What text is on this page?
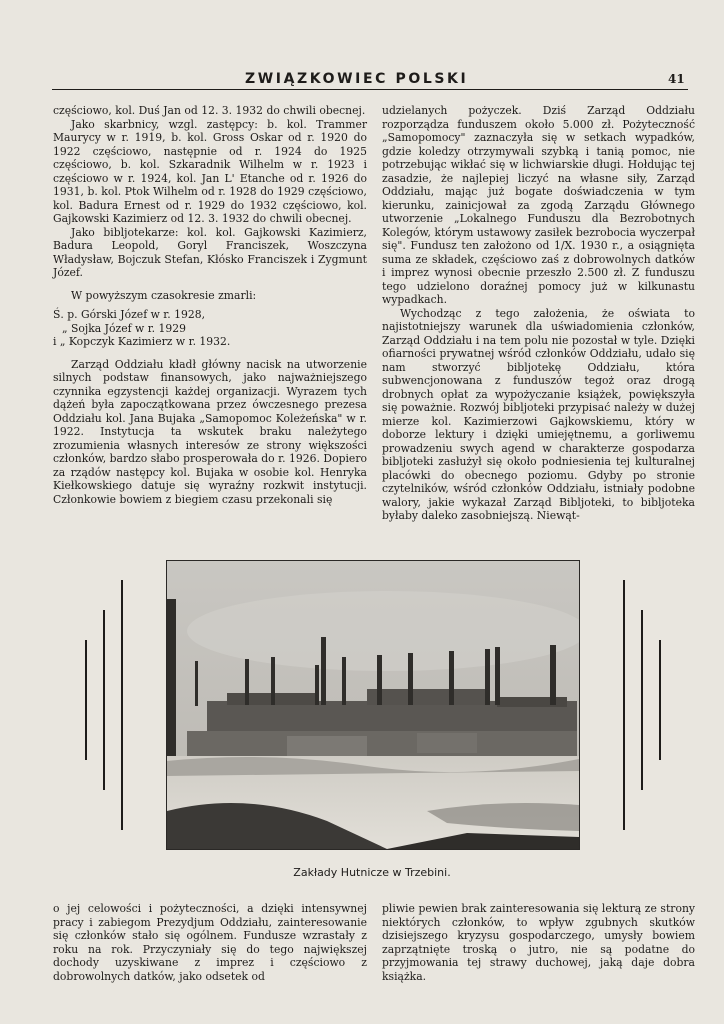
ZWIĄZKOWIEC POLSKI	41

częściowo, kol. Duś Jan od 12. 3. 1932 do chwili obecnej.

Jako skarbnicy, wzgl. zastępcy: b. kol. Trammer Maurycy w r. 1919, b. kol. Gross Oskar od r. 1920 do 1922 częściowo, następnie od r. 1924 do 1925 częściowo, b. kol. Szkaradnik Wilhelm w r. 1923 i częściowo w r. 1924, kol. Jan L' Etanche od r. 1926 do 1931, b. kol. Ptok Wilhelm od r. 1928 do 1929 częściowo, kol. Badura Ernest od r. 1929 do 1932 częściowo, kol. Gajkowski Kazimierz od 12. 3. 1932 do chwili obecnej.

Jako bibljotekarze: kol. kol. Gajkowski Kazimierz, Badura Leopold, Goryl Franciszek, Woszczyna Władysław, Bojczuk Stefan, Kłósko Franciszek i Zygmunt Józef.

W powyższym czasokresie zmarli:

Ś. p. Górski Józef w r. 1928,

„ Sojka Józef w r. 1929

i „ Kopczyk Kazimierz w r. 1932.

Zarząd Oddziału kładł główny nacisk na utworzenie silnych podstaw finansowych, jako najważniejszego czynnika egzystencji każdej organizacji. Wyrazem tych dążeń była zapoczątkowana przez ówczesnego prezesa Oddziału kol. Jana Bujaka „Samopomoc Koleżeńska" w r. 1922. Instytucja ta wskutek braku należytego zrozumienia własnych interesów ze strony większości członków, bardzo słabo prosperowała do r. 1926. Dopiero za rządów następcy kol. Bujaka w osobie kol. Henryka Kiełkowskiego datuje się wyraźny rozkwit instytucji. Członkowie bowiem z biegiem czasu przekonali się

udzielanych pożyczek. Dziś Zarząd Oddziału rozporządza funduszem około 5.000 zł. Pożyteczność „Samopomocy" zaznaczyła się w setkach wypadków, gdzie koledzy otrzymywali szybką i tanią pomoc, nie potrzebując wikłać się w lichwiarskie długi. Hołdując tej zasadzie, że najlepiej liczyć na własne siły, Zarząd Oddziału, mając już bogate doświadczenia w tym kierunku, zainicjował za zgodą Zarządu Głównego utworzenie „Lokalnego Funduszu dla Bezrobotnych Kolegów, którym ustawowy zasiłek bezrobocia wyczerpał się". Fundusz ten założono od 1/X. 1930 r., a osiągnięta suma ze składek, częściowo zaś z dobrowolnych datków i imprez wynosi obecnie przeszło 2.500 zł. Z funduszu tego udzielono doraźnej pomocy już w kilkunastu wypadkach.

Wychodząc z tego założenia, że oświata to najistotniejszy warunek dla uświadomienia członków, Zarząd Oddziału i na tem polu nie pozostał w tyle. Dzięki ofiarności prywatnej wśród członków Oddziału, udało się nam stworzyć bibljotekę Oddziału, która subwencjonowana z funduszów tegoż oraz drogą drobnych opłat za wypożyczanie książek, powiększyła się poważnie. Rozwój bibljoteki przypisać należy w dużej mierze kol. Kazimierzowi Gajkowskiemu, który w doborze lektury i dzięki umiejętnemu, a gorliwemu prowadzeniu swych agend w charakterze gospodarza bibljoteki zasłużył się około podniesienia tej kulturalnej placówki do obecnego poziomu. Gdyby po stronie czytelników, wśród członków Oddziału, istniały podobne walory, jakie wykazał Zarząd Bibljoteki, to bibljoteka byłaby daleko zasobniejszą. Niewąt-

Zakłady Hutnicze w Trzebini.

o jej celowości i pożyteczności, a dzięki intensywnej pracy i zabiegom Prezydjum Oddziału, zainteresowanie się członków stało się ogólnem. Fundusze wzrastały z roku na rok. Przyczyniały się do tego największej dochody uzyskiwane z imprez i częściowo z dobrowolnych datków, jako odsetek od

pliwie pewien brak zainteresowania się lekturą ze strony niektórych członków, to wpływ zgubnych skutków dzisiejszego kryzysu gospodarczego, umysły bowiem zaprzątnięte troską o jutro, nie są podatne do przyjmowania tej strawy duchowej, jaką daje dobra książka.
